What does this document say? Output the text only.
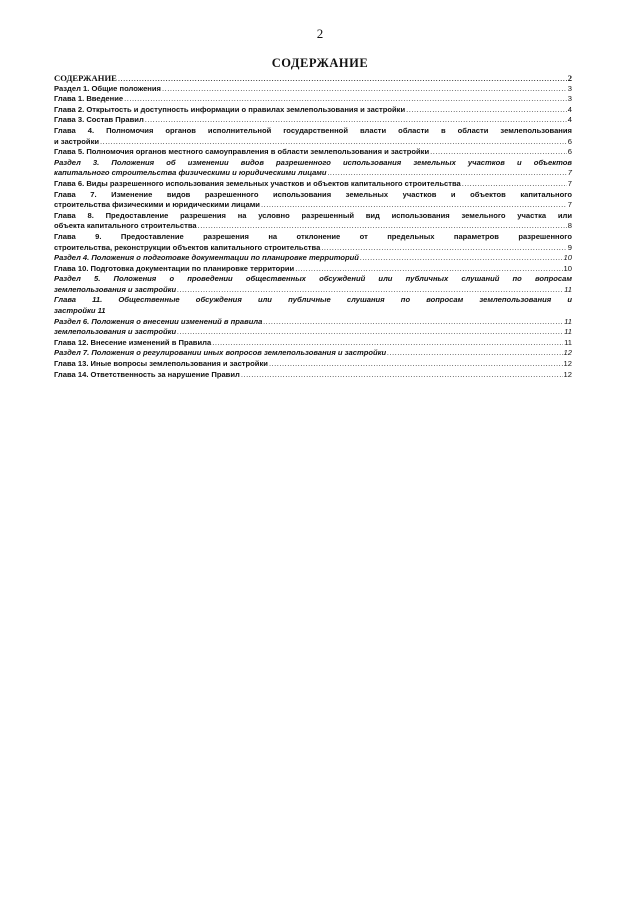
2
СОДЕРЖАНИЕ
СОДЕРЖАНИЕ .....	2
Раздел 1. Общие положения .....	3
Глава 1. Введение .....	3
Глава 2. Открытость и доступность информации о правилах землепользования и застройки .....	4
Глава 3. Состав Правил .....	4
Глава 4. Полномочия органов исполнительной государственной власти области в области землепользования
и застройки .....	6
Глава 5. Полномочия органов местного самоуправления в области землепользования и застройки .....	6
Раздел 3. Положения об изменении видов разрешенного использования земельных участков и объектов
капитального строительства физическими и юридическими лицами .....	7
Глава 6. Виды разрешенного использования земельных участков и объектов капитального строительства .....	7
Глава 7. Изменение видов разрешенного использования земельных участков и объектов капитального
строительства физическими и юридическими лицами .....	7
Глава 8. Предоставление разрешения на условно разрешенный вид использования земельного участка или
объекта капитального строительства .....	8
Глава 9. Предоставление разрешения на отклонение от предельных параметров разрешенного
строительства, реконструкции объектов капитального строительства .....	9
Раздел 4. Положения о подготовке документации по планировке территорий .....	10
Глава 10. Подготовка документации по планировке территории .....	10
Раздел 5. Положения о проведении общественных обсуждений или публичных слушаний по вопросам
землепользования и застройки .....	11
Глава 11. Общественные обсуждения или публичные слушания по вопросам землепользования и
застройки 11
Раздел 6. Положения о внесении изменений в правила .....	11
землепользования и застройки .....	11
Глава 12. Внесение изменений в Правила .....	11
Раздел 7. Положения о регулировании иных вопросов землепользования и застройки .....	12
Глава 13. Иные вопросы землепользования и застройки .....	12
Глава 14. Ответственность за нарушение Правил .....	12
